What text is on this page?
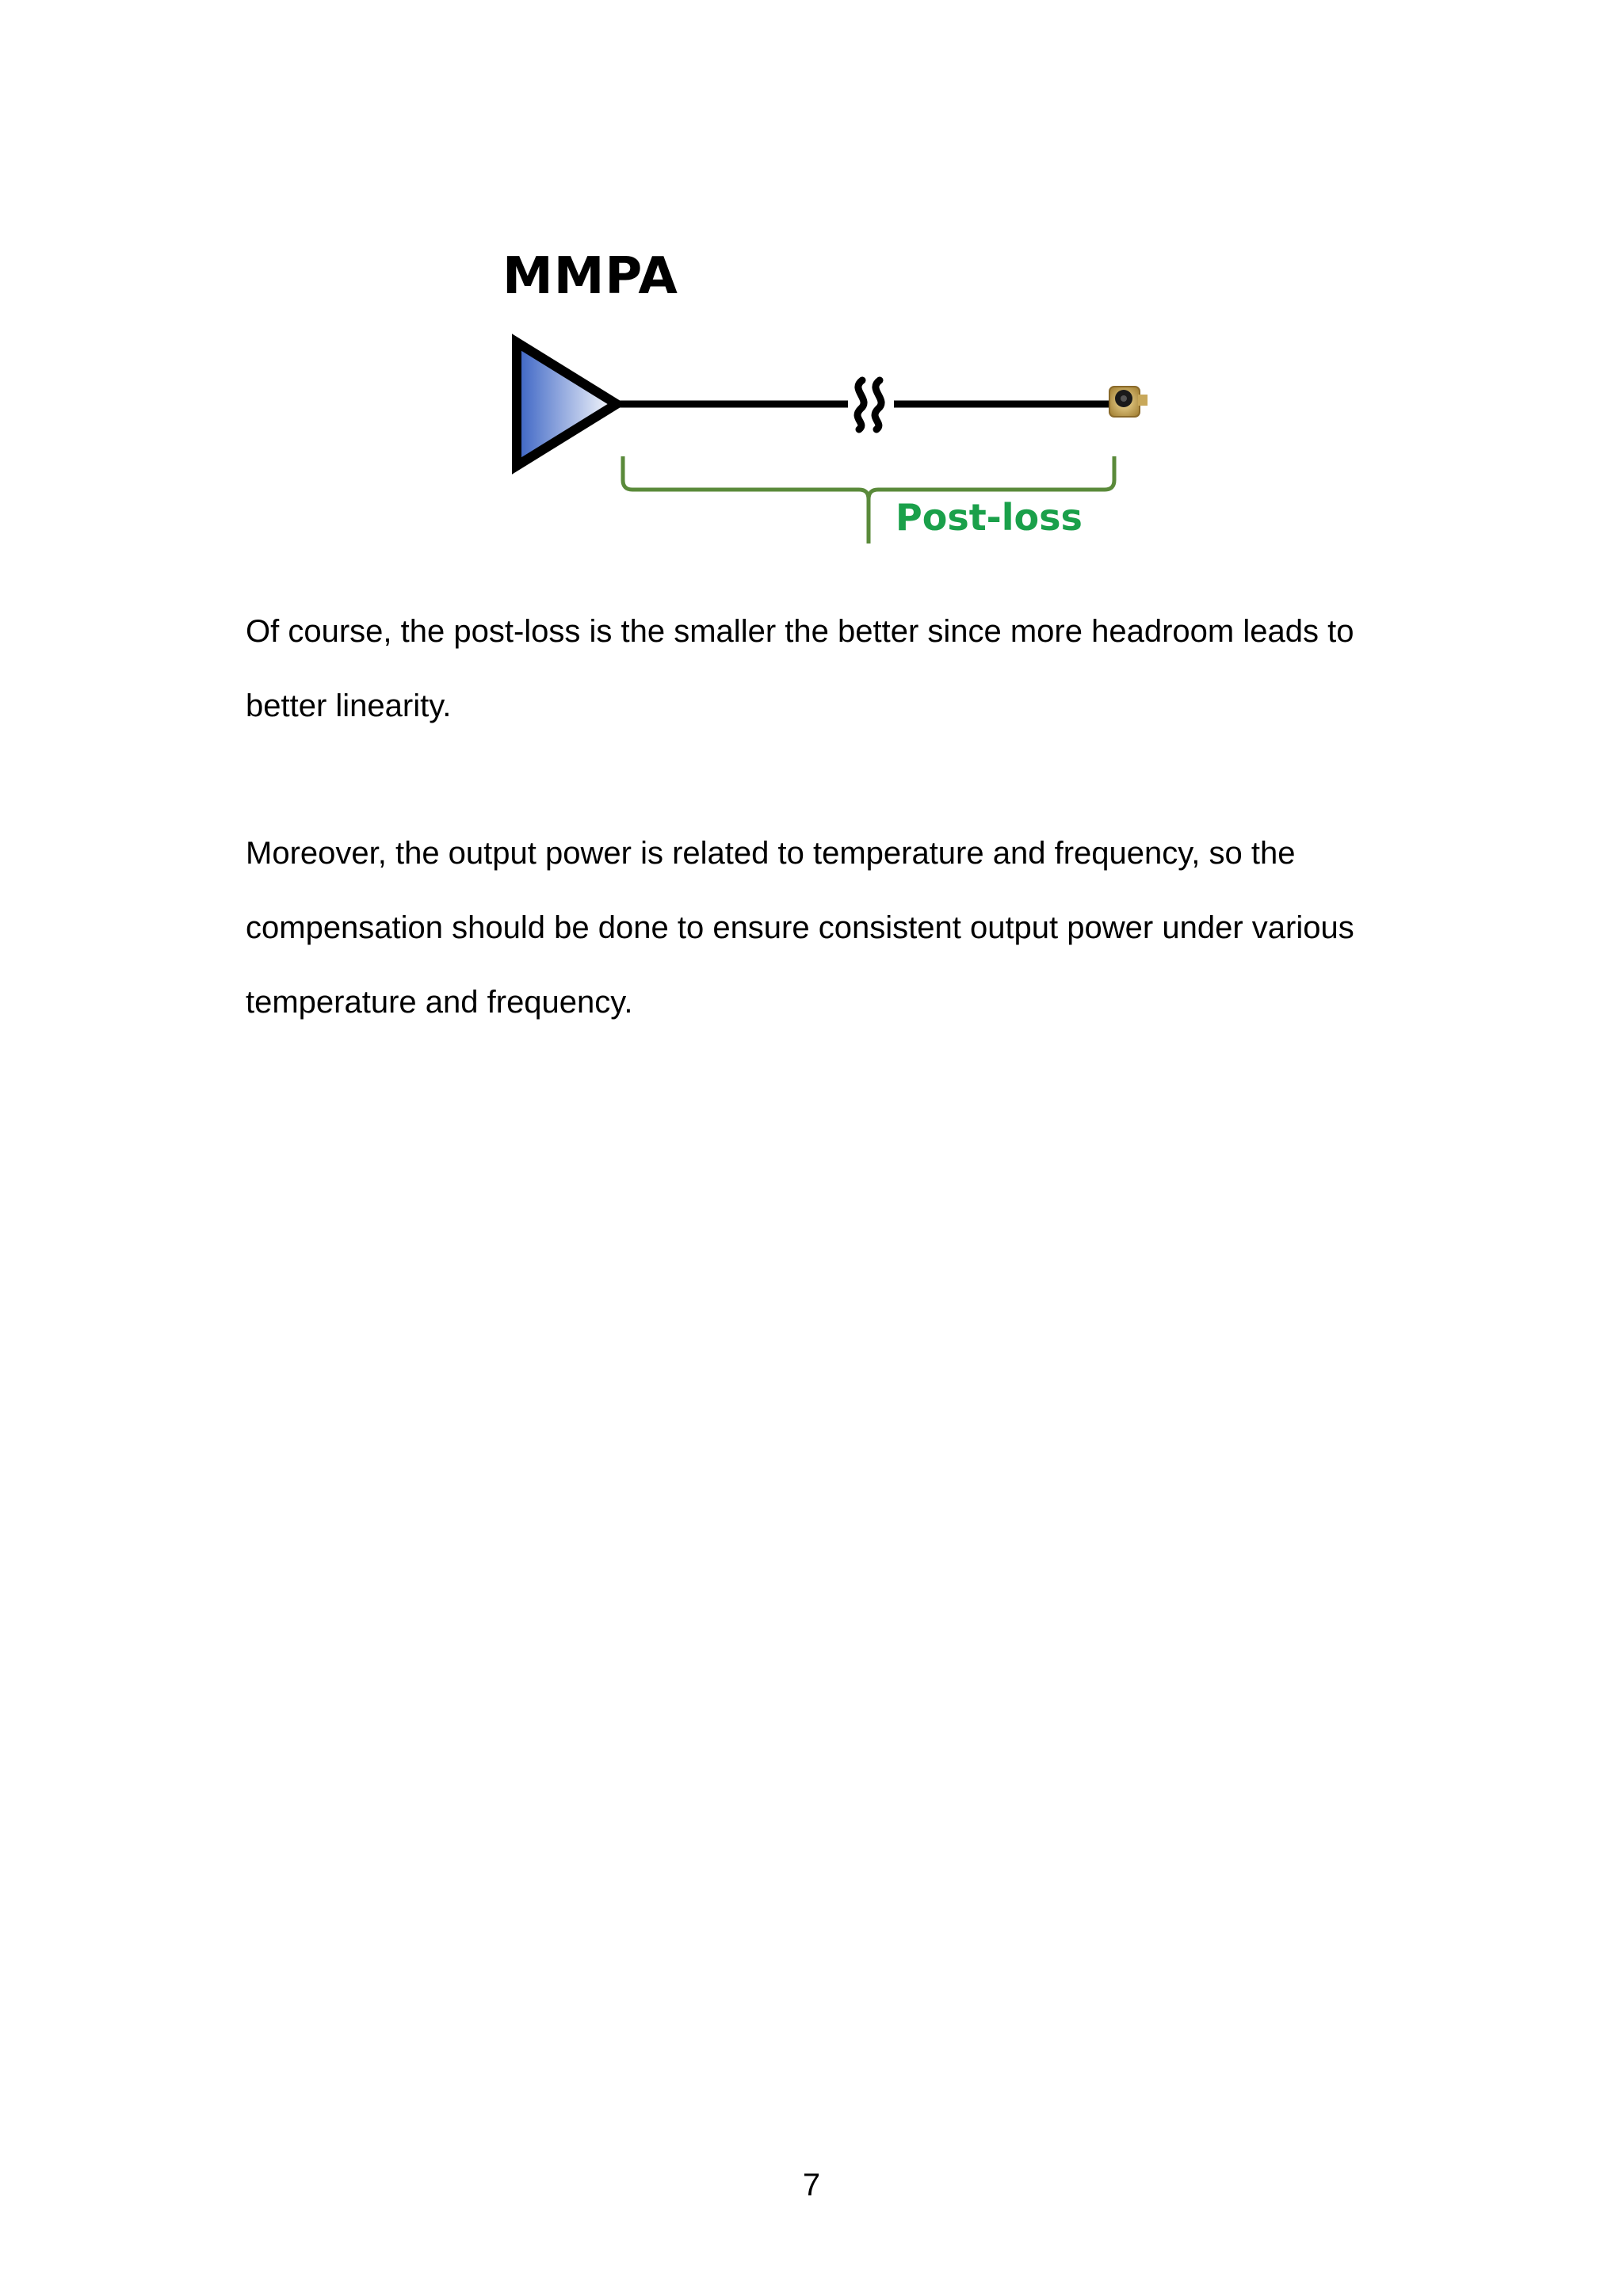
MMPA
Post-loss

Of course, the post-loss is the smaller the better since more headroom leads to better linearity.

Moreover, the output power is related to temperature and frequency, so the compensation should be done to ensure consistent output power under various temperature and frequency.

7
